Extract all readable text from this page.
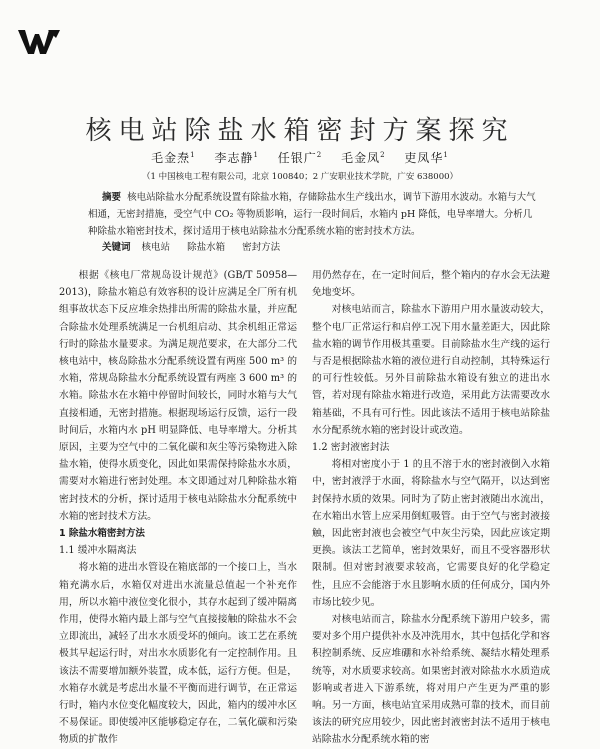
核电站除盐水箱密封方案探究
毛金焘$^1$ 李志静$^1$ 任银广$^2$ 毛金凤$^2$ 吏凤华$^1$
（1 中国核电工程有限公司，北京 100840；2 广安职业技术学院，广安 638000）
摘要 核电站除盐水分配系统设置有除盐水箱，存储除盐水生产线出水，调节下游用水波动。水箱与大气相通，无密封措施，受空气中 CO₂ 等物质影响，运行一段时间后，水箱内 pH 降低，电导率增大。分析几种除盐水箱密封技术，探讨适用于核电站除盐水分配系统水箱的密封技术方法。
关键词 核电站 除盐水箱 密封方法

根据《核电厂常规岛设计规范》(GB/T 50958—2013)，除盐水箱总有效容积的设计应满足全厂所有机组事故状态下反应堆余热排出所需的除盐水量，并应配合除盐水处理系统满足一台机组启动、其余机组正常运行时的除盐水量要求。为满足规范要求，在大部分二代核电站中，核岛除盐水分配系统设置有两座 500 m³ 的水箱，常规岛除盐水分配系统设置有两座 3 600 m³ 的水箱。除盐水在水箱中停留时间较长，同时水箱与大气直接相通，无密封措施。根据现场运行反馈，运行一段时间后，水箱内水 pH 明显降低、电导率增大。分析其原因，主要为空气中的二氧化碳和灰尘等污染物进入除盐水箱，使得水质变化，因此如果需保持除盐水水质，需要对水箱进行密封处理。本文即通过对几种除盐水箱密封技术的分析，探讨适用于核电站除盐水分配系统中水箱的密封技术方法。

1 除盐水箱密封方法

1.1 缓冲水隔离法

将水箱的进出水管设在箱底部的一个接口上，当水箱充满水后，水箱仅对进出水流量总值起一个补充作用，所以水箱中液位变化很小，其存水起到了缓冲隔离作用，使得水箱内最上部与空气直接接触的除盐水不会立即流出，减轻了出水水质受坏的倾向。该工艺在系统极其早起运行时，对出水水质影化有一定控制作用。且该法不需要增加额外装置，成本低，运行方便。但是，水箱存水就是考虑出水量不平衡而进行调节，在正常运行时，箱内水位变化幅度较大，因此，箱内的缓冲水区不易保证。即使缓冲区能够稳定存在，二氧化碳和污染物质的扩散作

用仍然存在，在一定时间后，整个箱内的存水会无法避免地变坏。

对核电站而言，除盐水下游用户用水量波动较大，整个电厂正常运行和启停工况下用水量差距大，因此除盐水箱的调节作用极其重要。目前除盐水生产线的运行与否是根据除盐水箱的液位进行自动控制，其特殊运行的可行性较低。另外目前除盐水箱设有独立的进出水管，若对现有除盐水箱进行改造，采用此方法需要改水箱基础，不具有可行性。因此该法不适用于核电站除盐水分配系统水箱的密封设计或改造。

1.2 密封液密封法

将相对密度小于 1 的且不溶于水的密封液倒入水箱中，密封液浮于水面，将除盐水与空气隔开，以达到密封保持水质的效果。同时为了防止密封液随出水流出，在水箱出水管上应采用倒虹吸管。由于空气与密封液接触，因此密封液也会被空气中灰尘污染，因此应该定期更换。该法工艺简单，密封效果好，而且不受容器形状限制。但对密封液要求较高，它需要良好的化学稳定性，且应不会能溶于水且影响水质的任何成分，国内外市场比较少见。

对核电站而言，除盐水分配系统下游用户较多，需要对多个用户提供补水及冲洗用水，其中包括化学和容积控制系统、反应堆硼和水补给系统、凝结水精处理系统等，对水质要求较高。如果密封液对除盐水水质造成影响或者进入下游系统，将对用户产生更为严重的影响。另一方面，核电站宜采用成熟可靠的技术，而目前该法的研究应用较少，因此密封液密封法不适用于核电站除盐水分配系统水箱的密
